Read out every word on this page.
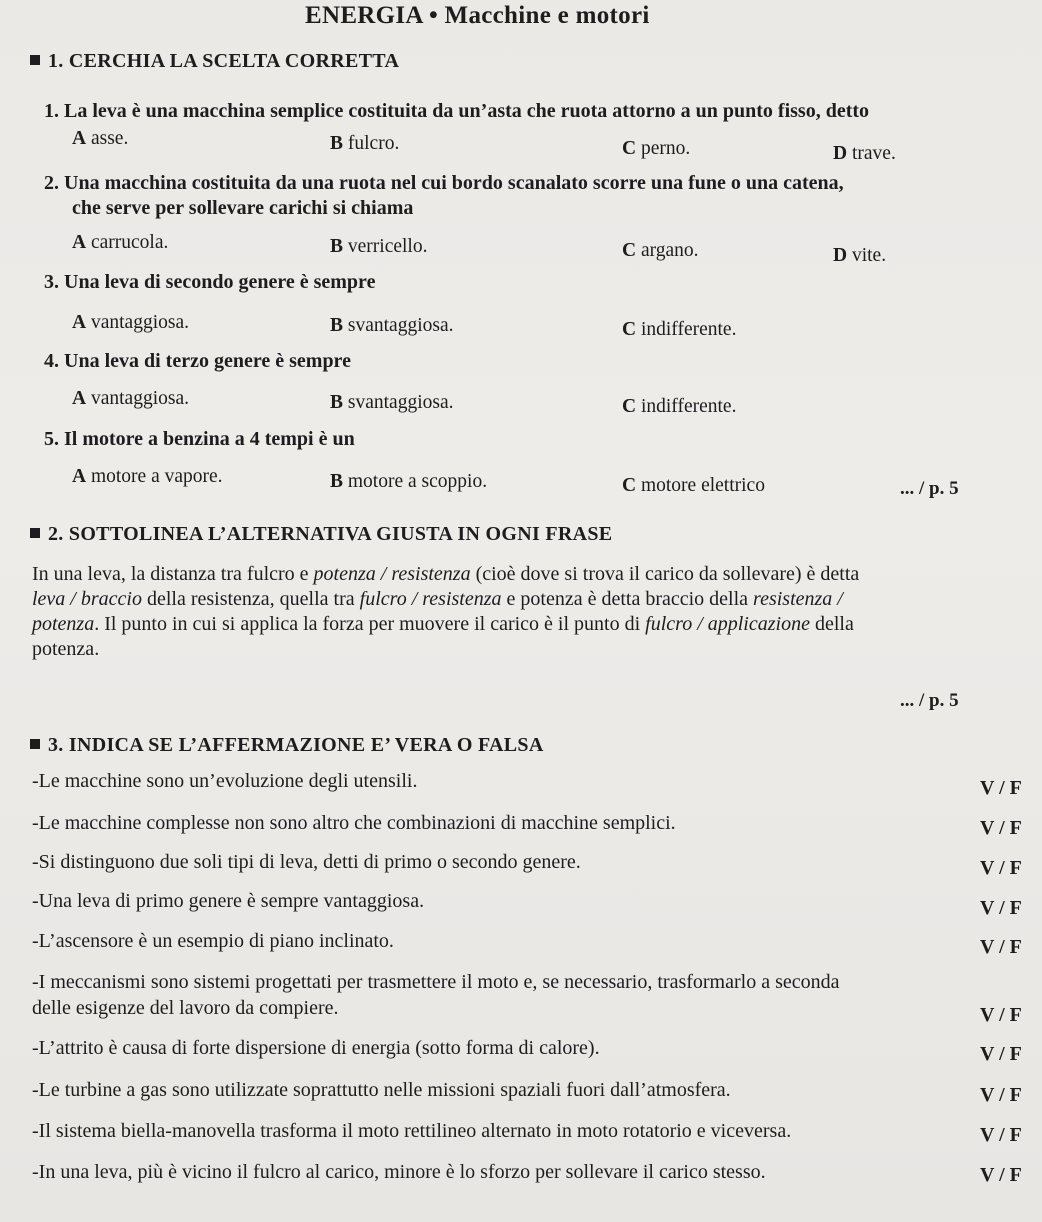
ENERGIA • Macchine e motori
1. CERCHIA LA SCELTA CORRETTA
1. La leva è una macchina semplice costituita da un’asta che ruota attorno a un punto fisso, detto
A asse.	B fulcro.	C perno.	D trave.
2. Una macchina costituita da una ruota nel cui bordo scanalato scorre una fune o una catena,
che serve per sollevare carichi si chiama
A carrucola.	B verricello.	C argano.	D vite.
3. Una leva di secondo genere è sempre
A vantaggiosa.	B svantaggiosa.	C indifferente.
4. Una leva di terzo genere è sempre
A vantaggiosa.	B svantaggiosa.	C indifferente.
5. Il motore a benzina a 4 tempi è un
A motore a vapore.	B motore a scoppio.	C motore elettrico	... / p. 5
2. SOTTOLINEA L’ALTERNATIVA GIUSTA IN OGNI FRASE
In una leva, la distanza tra fulcro e potenza / resistenza (cioè dove si trova il carico da sollevare) è detta
leva / braccio della resistenza, quella tra fulcro / resistenza e potenza è detta braccio della resistenza /
potenza. Il punto in cui si applica la forza per muovere il carico è il punto di fulcro / applicazione della
potenza.
... / p. 5
3. INDICA SE L’AFFERMAZIONE E’ VERA O FALSA
-Le macchine sono un’evoluzione degli utensili.	V / F
-Le macchine complesse non sono altro che combinazioni di macchine semplici.	V / F
-Si distinguono due soli tipi di leva, detti di primo o secondo genere.	V / F
-Una leva di primo genere è sempre vantaggiosa.	V / F
-L’ascensore è un esempio di piano inclinato.	V / F
-I meccanismi sono sistemi progettati per trasmettere il moto e, se necessario, trasformarlo a seconda
delle esigenze del lavoro da compiere.	V / F
-L’attrito è causa di forte dispersione di energia (sotto forma di calore).	V / F
-Le turbine a gas sono utilizzate soprattutto nelle missioni spaziali fuori dall’atmosfera.	V / F
-Il sistema biella-manovella trasforma il moto rettilineo alternato in moto rotatorio e viceversa.	V / F
-In una leva, più è vicino il fulcro al carico, minore è lo sforzo per sollevare il carico stesso.	V / F
